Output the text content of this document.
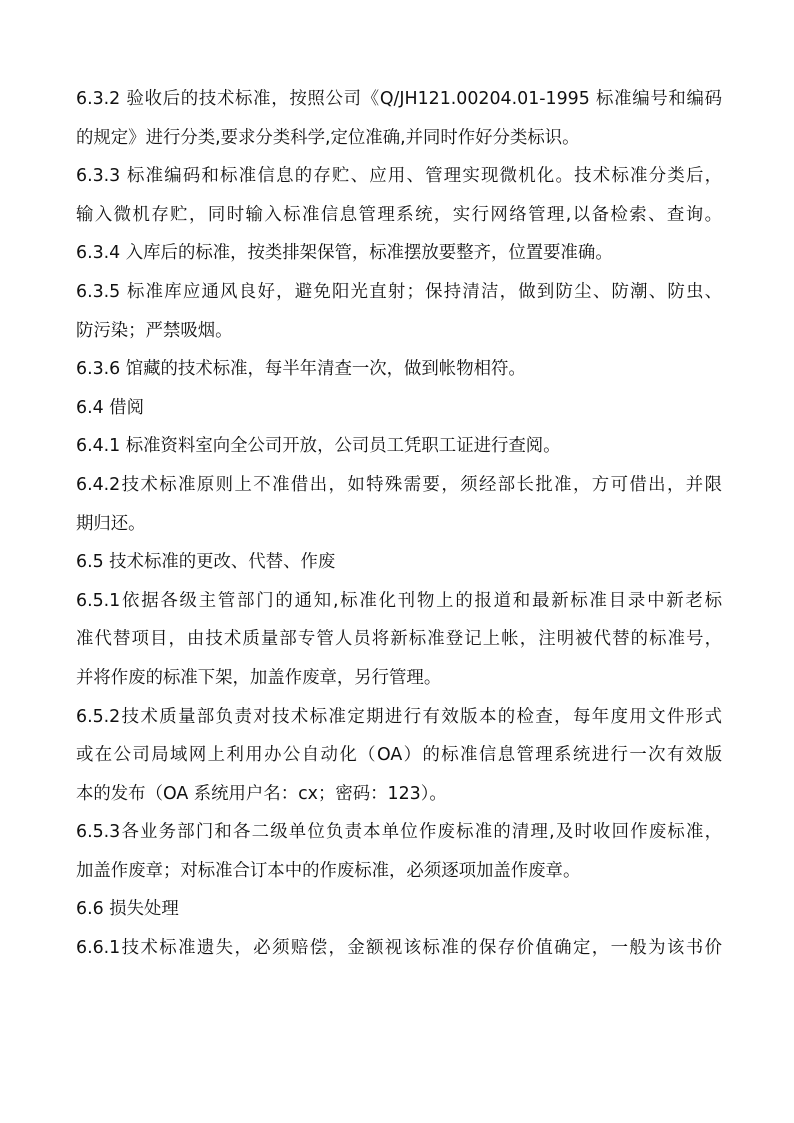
6.3.2 验收后的技术标准，按照公司《Q/JH121.00204.01-1995 标准编号和编码
的规定》进行分类,要求分类科学,定位准确,并同时作好分类标识。
6.3.3 标准编码和标准信息的存贮、应用、管理实现微机化。技术标准分类后，
输入微机存贮，同时输入标准信息管理系统，实行网络管理,以备检索、查询。
6.3.4 入库后的标准，按类排架保管，标准摆放要整齐，位置要准确。
6.3.5 标准库应通风良好，避免阳光直射；保持清洁，做到防尘、防潮、防虫、
防污染；严禁吸烟。
6.3.6 馆藏的技术标准，每半年清查一次，做到帐物相符。
6.4 借阅
6.4.1 标准资料室向全公司开放，公司员工凭职工证进行查阅。
6.4.2技术标准原则上不准借出，如特殊需要，须经部长批准，方可借出，并限
期归还。
6.5 技术标准的更改、代替、作废
6.5.1依据各级主管部门的通知,标准化刊物上的报道和最新标准目录中新老标
准代替项目，由技术质量部专管人员将新标准登记上帐，注明被代替的标准号，
并将作废的标准下架，加盖作废章，另行管理。
6.5.2技术质量部负责对技术标准定期进行有效版本的检查，每年度用文件形式
或在公司局域网上利用办公自动化（OA）的标准信息管理系统进行一次有效版
本的发布（OA 系统用户名：cx；密码：123）。
6.5.3各业务部门和各二级单位负责本单位作废标准的清理,及时收回作废标准，
加盖作废章；对标准合订本中的作废标准，必须逐项加盖作废章。
6.6 损失处理
6.6.1技术标准遗失，必须赔偿，金额视该标准的保存价值确定，一般为该书价
